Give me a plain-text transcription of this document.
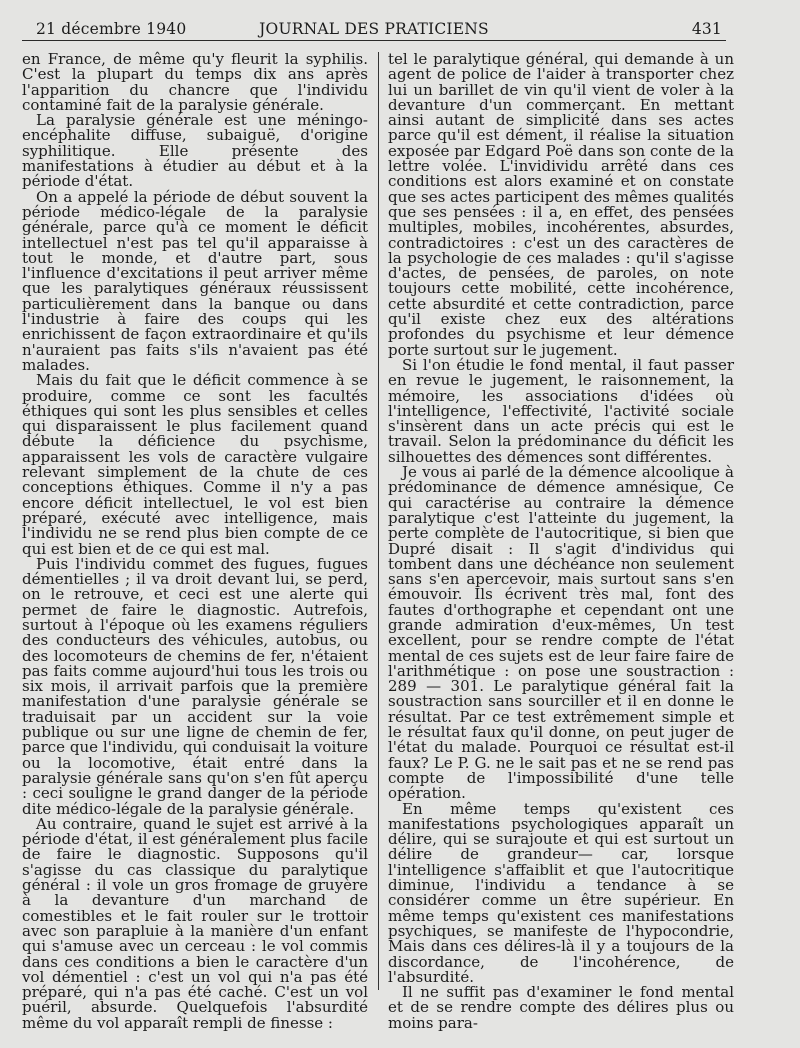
21 décembre 1940	JOURNAL DES PRATICIENS	431

en France, de même qu'y fleurit la syphilis. C'est la plupart du temps dix ans après l'apparition du chancre que l'individu contaminé fait de la paralysie générale.

La paralysie générale est une méningo-encéphalite diffuse, subaiguë, d'origine syphilitique. Elle présente des manifestations à étudier au début et à la période d'état.

On a appelé la période de début souvent la période médico-légale de la paralysie générale, parce qu'à ce moment le déficit intellectuel n'est pas tel qu'il apparaisse à tout le monde, et d'autre part, sous l'influence d'excitations il peut arriver même que les paralytiques généraux réussissent particulièrement dans la banque ou dans l'industrie à faire des coups qui les enrichissent de façon extraordinaire et qu'ils n'auraient pas faits s'ils n'avaient pas été malades.

Mais du fait que le déficit commence à se produire, comme ce sont les facultés éthiques qui sont les plus sensibles et celles qui disparaissent le plus facilement quand débute la déficience du psychisme, apparaissent les vols de caractère vulgaire relevant simplement de la chute de ces conceptions éthiques. Comme il n'y a pas encore déficit intellectuel, le vol est bien préparé, exécuté avec intelligence, mais l'individu ne se rend plus bien compte de ce qui est bien et de ce qui est mal.

Puis l'individu commet des fugues, fugues démentielles ; il va droit devant lui, se perd, on le retrouve, et ceci est une alerte qui permet de faire le diagnostic. Autrefois, surtout à l'époque où les examens réguliers des conducteurs des véhicules, autobus, ou des locomoteurs de chemins de fer, n'étaient pas faits comme aujourd'hui tous les trois ou six mois, il arrivait parfois que la première manifestation d'une paralysie générale se traduisait par un accident sur la voie publique ou sur une ligne de chemin de fer, parce que l'individu, qui conduisait la voiture ou la locomotive, était entré dans la paralysie générale sans qu'on s'en fût aperçu : ceci souligne le grand danger de la période dite médico-légale de la paralysie générale.

Au contraire, quand le sujet est arrivé à la période d'état, il est généralement plus facile de faire le diagnostic. Supposons qu'il s'agisse du cas classique du paralytique général : il vole un gros fromage de gruyère à la devanture d'un marchand de comestibles et le fait rouler sur le trottoir avec son parapluie à la manière d'un enfant qui s'amuse avec un cerceau : le vol commis dans ces conditions a bien le caractère d'un vol démentiel : c'est un vol qui n'a pas été préparé, qui n'a pas été caché. C'est un vol puéril, absurde. Quelquefois l'absurdité même du vol apparaît rempli de finesse :

tel le paralytique général, qui demande à un agent de police de l'aider à transporter chez lui un barillet de vin qu'il vient de voler à la devanture d'un commerçant. En mettant ainsi autant de simplicité dans ses actes parce qu'il est dément, il réalise la situation exposée par Edgard Poë dans son conte de la lettre volée. L'invidividu arrêté dans ces conditions est alors examiné et on constate que ses actes participent des mêmes qualités que ses pensées : il a, en effet, des pensées multiples, mobiles, incohérentes, absurdes, contradictoires : c'est un des caractères de la psychologie de ces malades : qu'il s'agisse d'actes, de pensées, de paroles, on note toujours cette mobilité, cette incohérence, cette absurdité et cette contradiction, parce qu'il existe chez eux des altérations profondes du psychisme et leur démence porte surtout sur le jugement.

Si l'on étudie le fond mental, il faut passer en revue le jugement, le raisonnement, la mémoire, les associations d'idées où l'intelligence, l'effectivité, l'activité sociale s'insèrent dans un acte précis qui est le travail. Selon la prédominance du déficit les silhouettes des démences sont différentes.

Je vous ai parlé de la démence alcoolique à prédominance de démence amnésique, Ce qui caractérise au contraire la démence paralytique c'est l'atteinte du jugement, la perte complète de l'autocritique, si bien que Dupré disait : Il s'agit d'individus qui tombent dans une déchéance non seulement sans s'en apercevoir, mais surtout sans s'en émouvoir. Ils écrivent très mal, font des fautes d'orthographe et cependant ont une grande admiration d'eux-mêmes, Un test excellent, pour se rendre compte de l'état mental de ces sujets est de leur faire faire de l'arithmétique : on pose une soustraction : 289 — 301. Le paralytique général fait la soustraction sans sourciller et il en donne le résultat. Par ce test extrêmement simple et le résultat faux qu'il donne, on peut juger de l'état du malade. Pourquoi ce résultat est-il faux? Le P. G. ne le sait pas et ne se rend pas compte de l'impossibilité d'une telle opération.

En même temps qu'existent ces manifestations psychologiques apparaît un délire, qui se surajoute et qui est surtout un délire de grandeur— car, lorsque l'intelligence s'affaiblit et que l'autocritique diminue, l'individu a tendance à se considérer comme un être supérieur. En même temps qu'existent ces manifestations psychiques, se manifeste de l'hypocondrie, Mais dans ces délires-là il y a toujours de la discordance, de l'incohérence, de l'absurdité.

Il ne suffit pas d'examiner le fond mental et de se rendre compte des délires plus ou moins para-
